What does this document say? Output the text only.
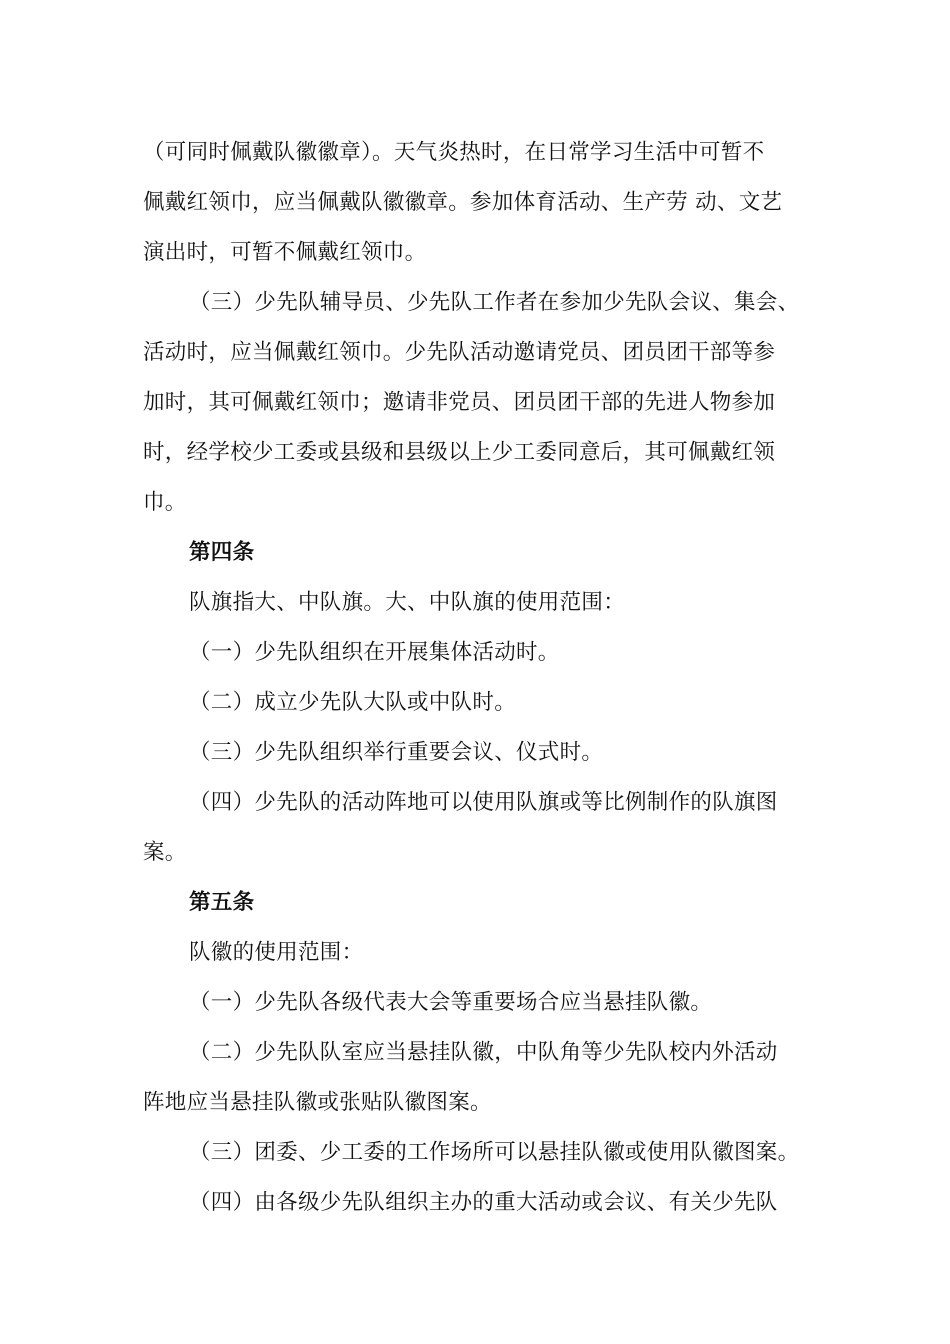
（可同时佩戴队徽徽章）。天气炎热时，在日常学习生活中可暂不
佩戴红领巾，应当佩戴队徽徽章。参加体育活动、生产劳 动、文艺
演出时，可暂不佩戴红领巾。
（三）少先队辅导员、少先队工作者在参加少先队会议、集会、
活动时，应当佩戴红领巾。少先队活动邀请党员、团员团干部等参
加时，其可佩戴红领巾；邀请非党员、团员团干部的先进人物参加
时，经学校少工委或县级和县级以上少工委同意后，其可佩戴红领
巾。
第四条
队旗指大、中队旗。大、中队旗的使用范围：
（一）少先队组织在开展集体活动时。
（二）成立少先队大队或中队时。
（三）少先队组织举行重要会议、仪式时。
（四）少先队的活动阵地可以使用队旗或等比例制作的队旗图
案。
第五条
队徽的使用范围：
（一）少先队各级代表大会等重要场合应当悬挂队徽。
（二）少先队队室应当悬挂队徽，中队角等少先队校内外活动
阵地应当悬挂队徽或张贴队徽图案。
（三）团委、少工委的工作场所可以悬挂队徽或使用队徽图案。
（四）由各级少先队组织主办的重大活动或会议、有关少先队
